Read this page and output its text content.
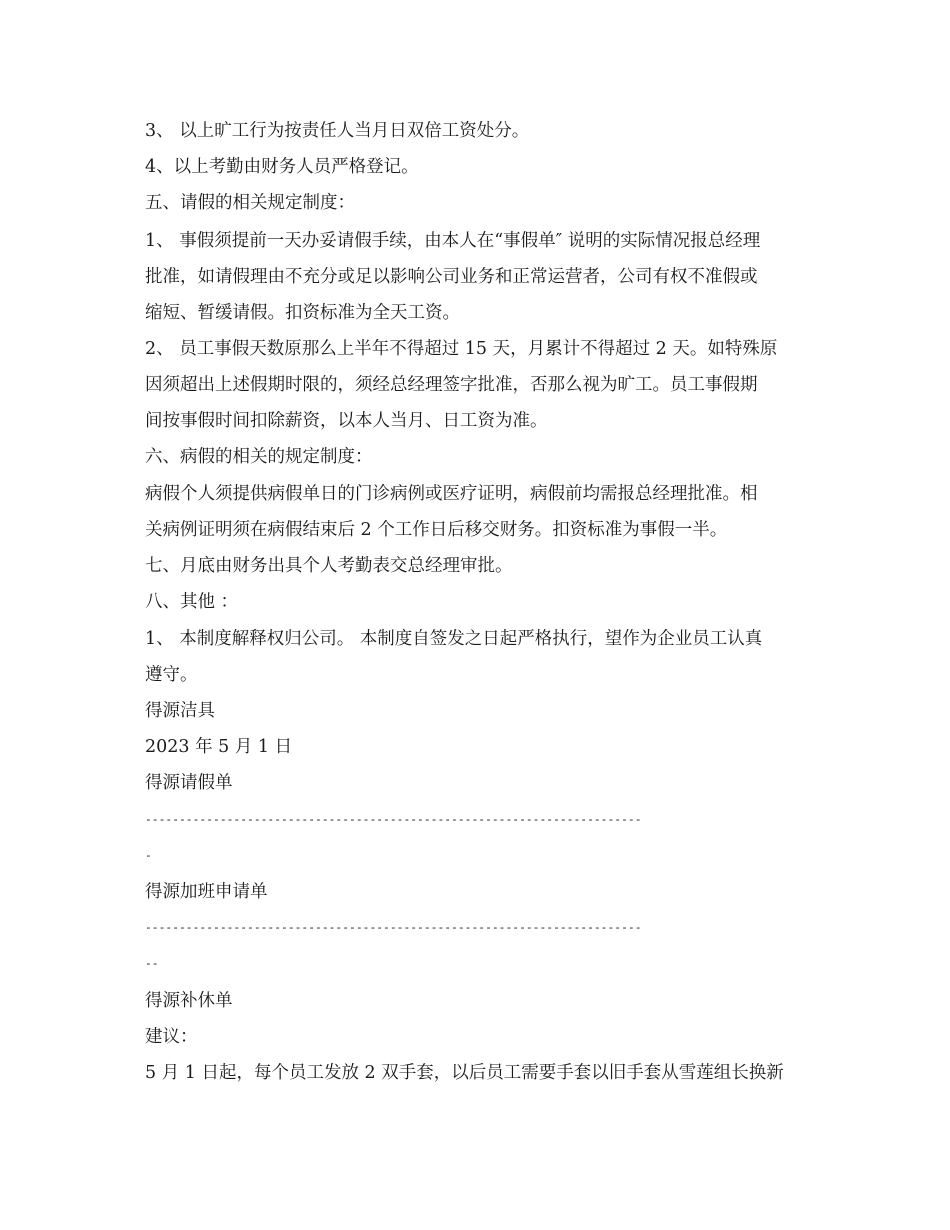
3、 以上旷工行为按责任人当月日双倍工资处分。
4、以上考勤由财务人员严格登记。
五、请假的相关规定制度：
1、 事假须提前一天办妥请假手续，由本人在“事假单″ 说明的实际情况报总经理
批准，如请假理由不充分或足以影响公司业务和正常运营者，公司有权不准假或
缩短、暂缓请假。扣资标准为全天工资。
2、 员工事假天数原那么上半年不得超过 15 天，月累计不得超过 2 天。如特殊原
因须超出上述假期时限的，须经总经理签字批准，否那么视为旷工。员工事假期
间按事假时间扣除薪资，以本人当月、日工资为准。
六、病假的相关的规定制度：
病假个人须提供病假单日的门诊病例或医疗证明，病假前均需报总经理批准。相
关病例证明须在病假结束后 2 个工作日后移交财务。扣资标准为事假一半。
七、月底由财务出具个人考勤表交总经理审批。
八、其他 ：
1、 本制度解释权归公司。 本制度自签发之日起严格执行，望作为企业员工认真
遵守。
得源洁具
2023 年 5 月 1 日
得源请假单
-------------------------------------------------------------------------
-
得源加班申请单
-------------------------------------------------------------------------
--
得源补休单
建议：
5 月 1 日起，每个员工发放 2 双手套，以后员工需要手套以旧手套从雪莲组长换新
